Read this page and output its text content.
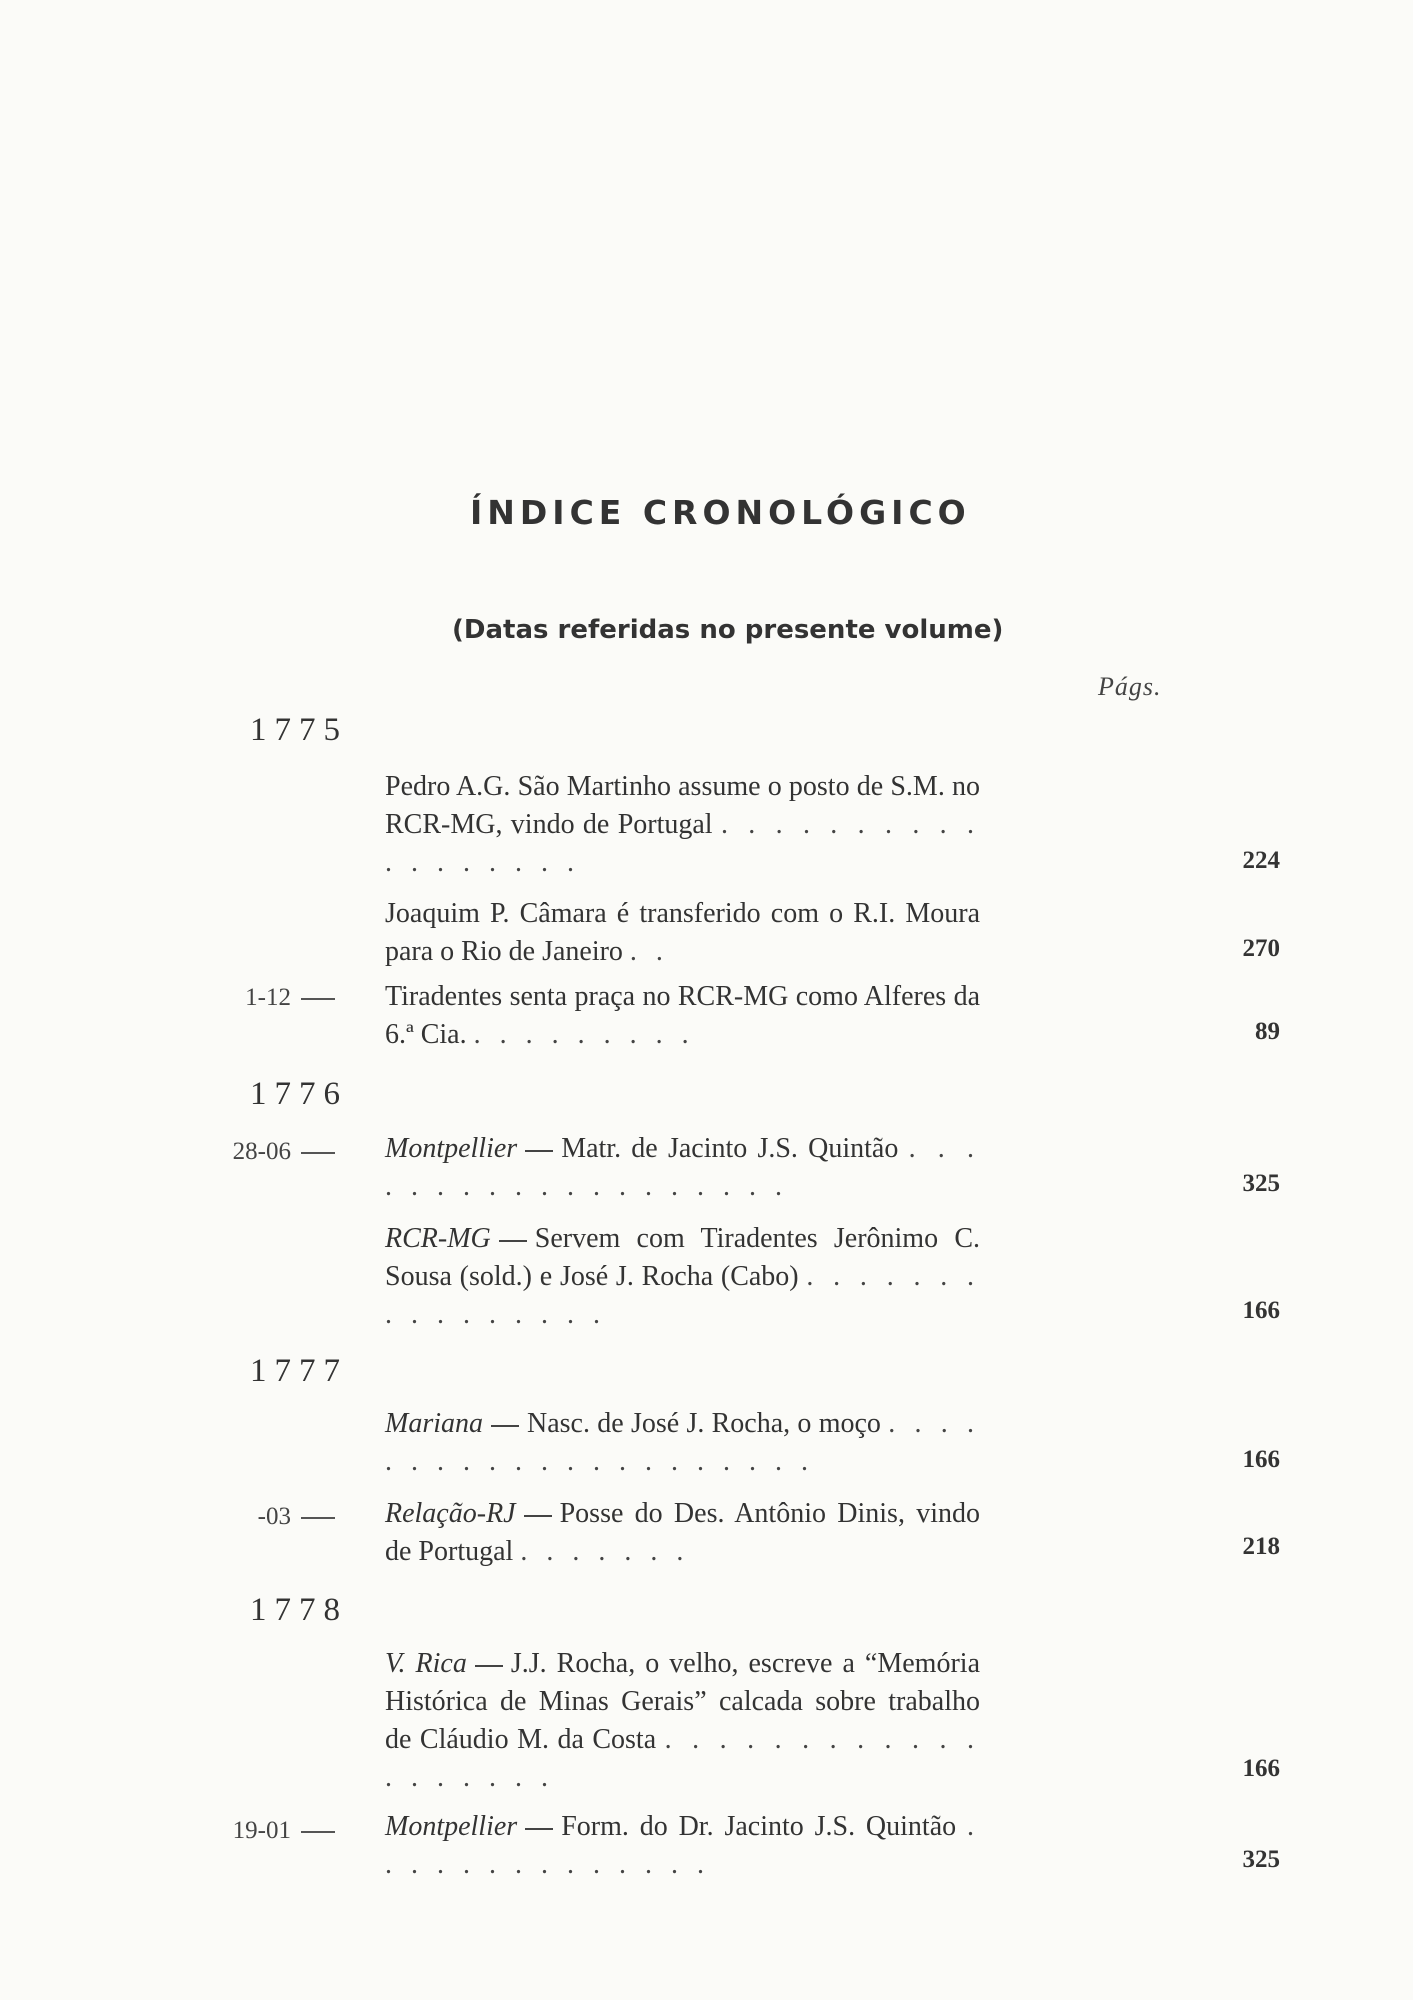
ÍNDICE CRONOLÓGICO
(Datas referidas no presente volume)
Págs.
1775
Pedro A.G. São Martinho assume o posto de S.M. no RCR-MG, vindo de Portugal . . . . . . . . . . . . . . . . . .	224
Joaquim P. Câmara é transferido com o R.I. Moura para o Rio de Janeiro . .	270
1-12	Tiradentes senta praça no RCR-MG como Alferes da 6.ª Cia. . . . . . . . . .	89
1776
28-06	Montpellier Matr. de Jacinto J.S. Quintão . . . . . . . . . . . . . . . . . . .	325
RCR-MG Servem com Tiradentes Jerônimo C. Sousa (sold.) e José J. Rocha (Cabo) . . . . . . . . . . . . . . . .	166
1777
Mariana Nasc. de José J. Rocha, o moço . . . . . . . . . . . . . . . . . . . . .	166
-03	Relação-RJ Posse do Des. Antônio Dinis, vindo de Portugal . . . . . . .	218
1778
V. Rica J.J. Rocha, o velho, escreve a “Memória Histórica de Minas Gerais” calcada sobre trabalho de Cláudio M. da Costa . . . . . . . . . . . . . . . . . . .	166
19-01	Montpellier Form. do Dr. Jacinto J.S. Quintão . . . . . . . . . . . . . .	325
